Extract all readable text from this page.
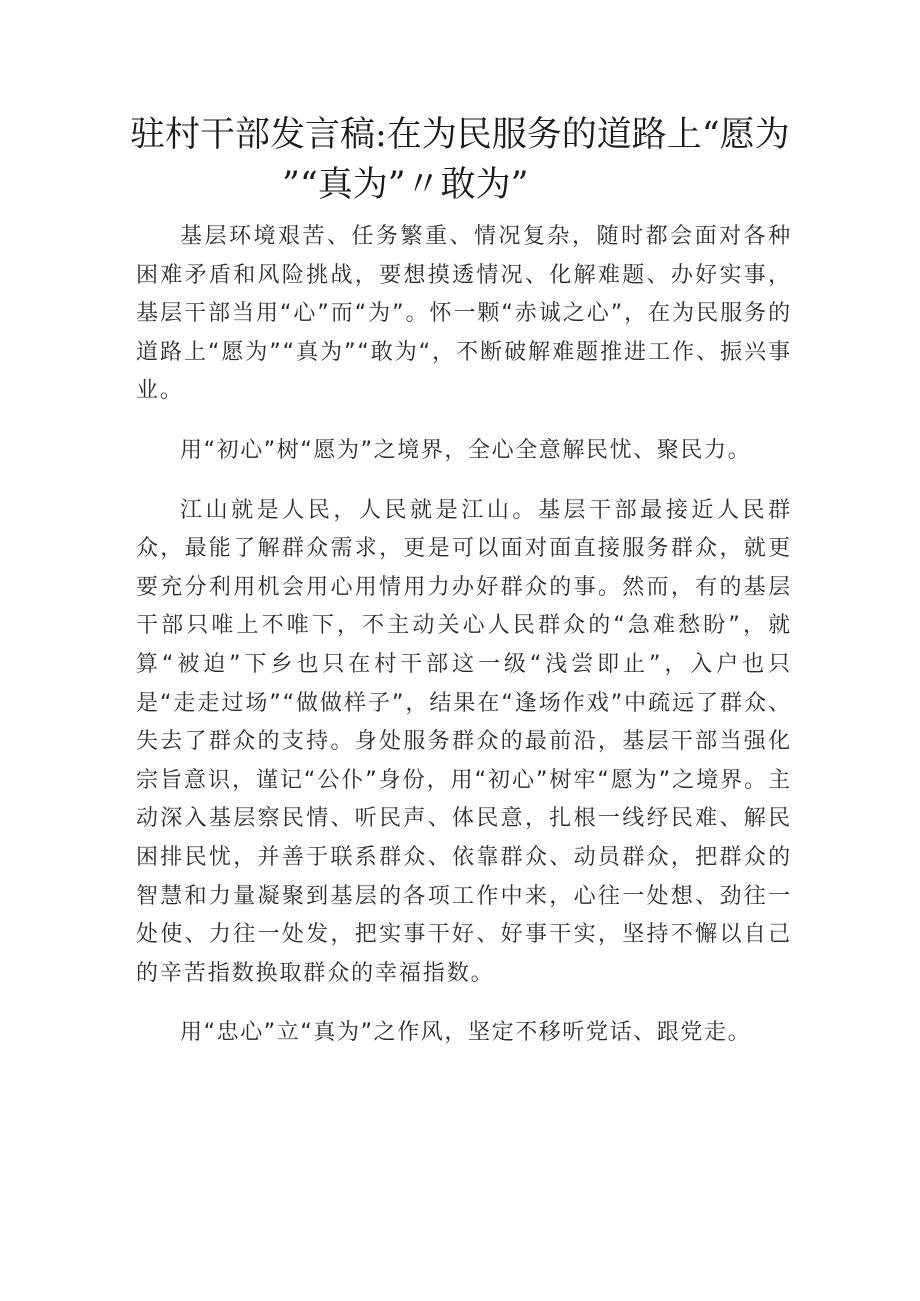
驻村干部发言稿:在为民服务的道路上“愿为
”“真为”〃敢为”

基层环境艰苦、任务繁重、情况复杂，随时都会面对各种困难矛盾和风险挑战，要想摸透情况、化解难题、办好实事，基层干部当用“心”而“为”。怀一颗“赤诚之心”，在为民服务的道路上“愿为”“真为”“敢为“，不断破解难题推进工作、振兴事业。

用“初心”树“愿为”之境界，全心全意解民忧、聚民力。

江山就是人民，人民就是江山。基层干部最接近人民群众，最能了解群众需求，更是可以面对面直接服务群众，就更要充分利用机会用心用情用力办好群众的事。然而，有的基层干部只唯上不唯下，不主动关心人民群众的“急难愁盼”，就算“被迫”下乡也只在村干部这一级“浅尝即止”，入户也只是“走走过场”“做做样子”，结果在“逢场作戏”中疏远了群众、失去了群众的支持。身处服务群众的最前沿，基层干部当强化宗旨意识，谨记“公仆”身份，用“初心”树牢“愿为”之境界。主动深入基层察民情、听民声、体民意，扎根一线纾民难、解民困排民忧，并善于联系群众、依靠群众、动员群众，把群众的智慧和力量凝聚到基层的各项工作中来，心往一处想、劲往一处使、力往一处发，把实事干好、好事干实，坚持不懈以自己的辛苦指数换取群众的幸福指数。

用“忠心”立“真为”之作风，坚定不移听党话、跟党走。
